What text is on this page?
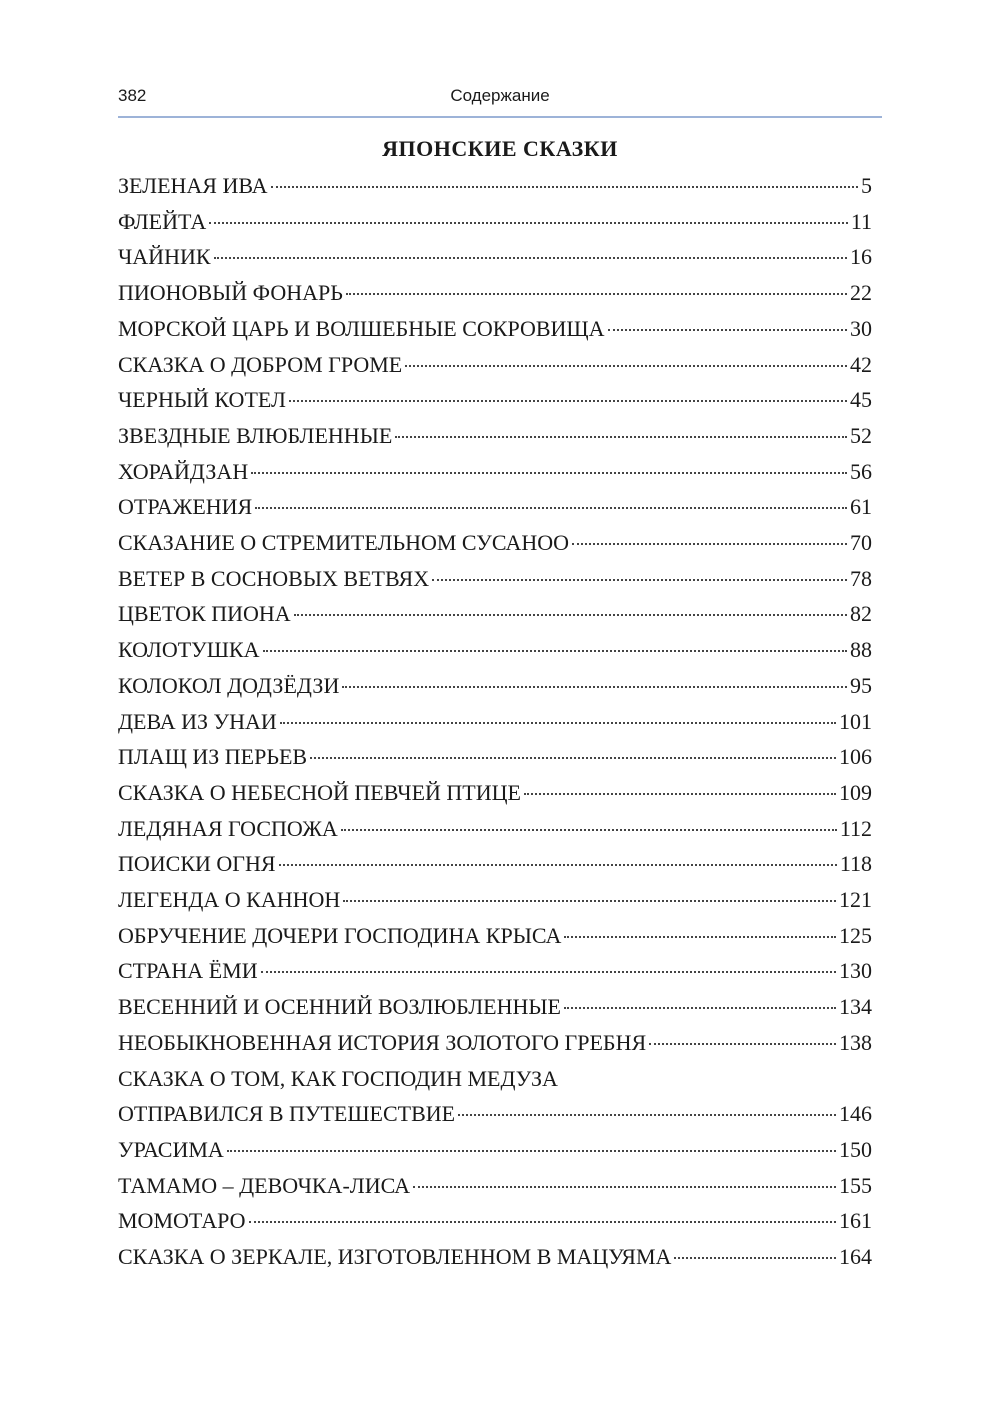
382	Содержание
ЯПОНСКИЕ СКАЗКИ
ЗЕЛЕНАЯ ИВА	5
ФЛЕЙТА	11
ЧАЙНИК	16
ПИОНОВЫЙ ФОНАРЬ	22
МОРСКОЙ ЦАРЬ И ВОЛШЕБНЫЕ СОКРОВИЩА	30
СКАЗКА О ДОБРОМ ГРОМЕ	42
ЧЕРНЫЙ КОТЕЛ	45
ЗВЕЗДНЫЕ ВЛЮБЛЕННЫЕ	52
ХОРАЙДЗАН	56
ОТРАЖЕНИЯ	61
СКАЗАНИЕ О СТРЕМИТЕЛЬНОМ СУСАНОО	70
ВЕТЕР В СОСНОВЫХ ВЕТВЯХ	78
ЦВЕТОК ПИОНА	82
КОЛОТУШКА	88
КОЛОКОЛ ДОДЗЁДЗИ	95
ДЕВА ИЗ УНАИ	101
ПЛАЩ ИЗ ПЕРЬЕВ	106
СКАЗКА О НЕБЕСНОЙ ПЕВЧЕЙ ПТИЦЕ	109
ЛЕДЯНАЯ ГОСПОЖА	112
ПОИСКИ ОГНЯ	118
ЛЕГЕНДА О КАННОН	121
ОБРУЧЕНИЕ ДОЧЕРИ ГОСПОДИНА КРЫСА	125
СТРАНА ЁМИ	130
ВЕСЕННИЙ И ОСЕННИЙ ВОЗЛЮБЛЕННЫЕ	134
НЕОБЫКНОВЕННАЯ ИСТОРИЯ ЗОЛОТОГО ГРЕБНЯ	138
СКАЗКА О ТОМ, КАК ГОСПОДИН МЕДУЗА
ОТПРАВИЛСЯ В ПУТЕШЕСТВИЕ	146
УРАСИМА	150
ТАМАМО – ДЕВОЧКА-ЛИСА	155
МОМОТАРО	161
СКАЗКА О ЗЕРКАЛЕ, ИЗГОТОВЛЕННОМ В МАЦУЯМА	164
